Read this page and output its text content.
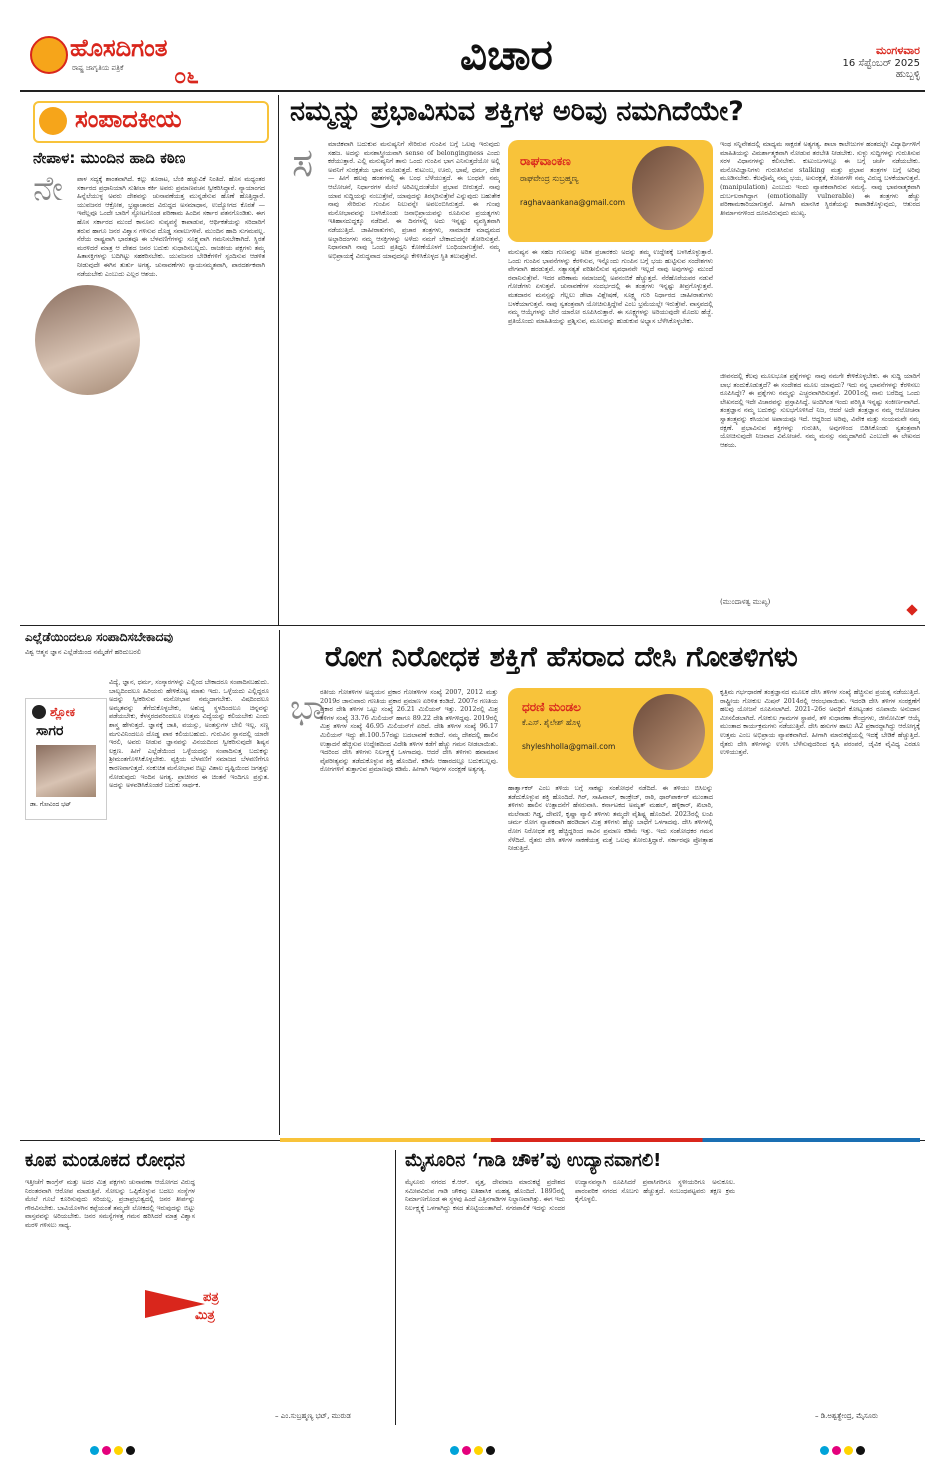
ಹೊಸದಿಗಂತ
ರಾಷ್ಟ್ರ ಜಾಗೃತಿಯ ಪತ್ರಿಕೆ ೦೬	ವಿಚಾರ	ಮಂಗಳವಾರ
16 ಸೆಪ್ಟೆಂಬರ್ 2025
ಹುಬ್ಬಳ್ಳಿ
ಸಂಪಾದಕೀಯ
ನೇಪಾಳ: ಮುಂದಿನ ಹಾದಿ ಕಠಿಣ
ನೇ ಪಾಳ ಸದ್ಯಕ್ಕೆ ಶಾಂತವಾಗಿದೆ. ಕಲ್ಲು ತೂರಾಟ, ಬೆಂಕಿ ಹಚ್ಚುವಿಕೆ ನಿಂತಿದೆ. ಹೊಸ ಮಧ್ಯಂತರ ಸರ್ಕಾರದ ಪ್ರಧಾನಿಯಾಗಿ ಸುಶೀಲಾ ಕರ್ಕಿ ಅವರು ಪ್ರಮಾಣವಚನ ಸ್ವೀಕರಿಸಿದ್ದಾರೆ. ನ್ಯಾಯಾಂಗದ ಹಿನ್ನೆಲೆಯುಳ್ಳ ಅವರು ದೇಶವನ್ನು ಚುನಾವಣೆಯತ್ತ ಮುನ್ನಡೆಸುವ ಹೊಣೆ ಹೊತ್ತಿದ್ದಾರೆ. ಯುವಜನರ ಆಕ್ರೋಶ, ಭ್ರಷ್ಟಾಚಾರದ ವಿರುದ್ಧದ ಅಸಮಾಧಾನ, ಉದ್ಯೋಗದ ಕೊರತೆ — ಇವೆಲ್ಲವೂ ಒಂದೇ ಬಾರಿಗೆ ಸ್ಫೋಟಗೊಂಡ ಪರಿಣಾಮ ಹಿಂದಿನ ಸರ್ಕಾರ ಪತನಗೊಂಡಿತು. ಈಗ ಹೊಸ ಸರ್ಕಾರದ ಮುಂದೆ ಕಾನೂನು ಸುವ್ಯವಸ್ಥೆ ಕಾಪಾಡುವ, ಆರ್ಥಿಕತೆಯನ್ನು ಸರಿದಾರಿಗೆ ತರುವ ಹಾಗೂ ಜನರ ವಿಶ್ವಾಸ ಗಳಿಸುವ ದೊಡ್ಡ ಸವಾಲುಗಳಿವೆ. ಮುಂದಿನ ಹಾದಿ ಸುಗಮವಲ್ಲ. ನೆರೆಯ ರಾಷ್ಟ್ರವಾಗಿ ಭಾರತವೂ ಈ ಬೆಳವಣಿಗೆಗಳನ್ನು ಸೂಕ್ಷ್ಮವಾಗಿ ಗಮನಿಸಬೇಕಾಗಿದೆ. ಸ್ಥಿರತೆ ಮರಳಿದರೆ ಮಾತ್ರ ಆ ದೇಶದ ಜನರ ಬದುಕು ಸುಧಾರಿಸಬಲ್ಲದು. ರಾಜಕೀಯ ಪಕ್ಷಗಳು ತಮ್ಮ ಹಿತಾಸಕ್ತಿಗಳನ್ನು ಬದಿಗಿಟ್ಟು ಸಹಕರಿಸಬೇಕು. ಯುವಜನರ ಬೇಡಿಕೆಗಳಿಗೆ ಸ್ಪಂದಿಸುವ ಆಡಳಿತ ನೀಡುವುದೇ ಈಗಿನ ತುರ್ತು ಅಗತ್ಯ. ಚುನಾವಣೆಗಳು ನ್ಯಾಯಸಮ್ಮತವಾಗಿ, ಪಾರದರ್ಶಕವಾಗಿ ನಡೆಯಬೇಕು ಎಂಬುದು ಎಲ್ಲರ ಆಶಯ.
ನಮ್ಮನ್ನು ಪ್ರಭಾವಿಸುವ ಶಕ್ತಿಗಳ ಅರಿವು ನಮಗಿದೆಯೇ?
ಸ	ಮಾಜಿಕವಾಗಿ ಬದುಕುವ ಮನುಷ್ಯನಿಗೆ ಸೇರಿರುವ ಗುಂಪಿನ ಬಗ್ಗೆ ಒಲವು ಇರುವುದು ಸಹಜ. ಅದನ್ನು ಮನಶಾಸ್ತ್ರೀಯವಾಗಿ sense of belongingness ಎಂದು ಕರೆಯುತ್ತಾರೆ. ಎಲ್ಲಿ ಮನುಷ್ಯನಿಗೆ ತಾನು ಒಂದು ಗುಂಪಿನ ಭಾಗ ಎನಿಸುತ್ತದೆಯೋ ಅಲ್ಲಿ ಅವನಿಗೆ ಸುರಕ್ಷತೆಯ ಭಾವ ಮೂಡುತ್ತದೆ. ಕುಟುಂಬ, ಊರು, ಭಾಷೆ, ಧರ್ಮ, ದೇಶ — ಹೀಗೆ ಹಲವು ಹಂತಗಳಲ್ಲಿ ಈ ಬಂಧ ಬೆಳೆಯುತ್ತದೆ. ಈ ಬಂಧವೇ ನಮ್ಮ ಆಲೋಚನೆ, ನಿರ್ಧಾರಗಳ ಮೇಲೆ ಅರಿವಿಲ್ಲದಂತೆಯೇ ಪ್ರಭಾವ ಬೀರುತ್ತದೆ. ನಾವು ಯಾವ ಸುದ್ದಿಯನ್ನು ನಂಬುತ್ತೇವೆ, ಯಾವುದನ್ನು ತಿರಸ್ಕರಿಸುತ್ತೇವೆ ಎನ್ನುವುದು ಬಹುತೇಕ ನಾವು ಸೇರಿರುವ ಗುಂಪಿನ ನಿಲುವನ್ನೇ ಅವಲಂಬಿಸಿರುತ್ತದೆ. ಈ ಗುಂಪು ಮನೋಭಾವವನ್ನು ಬಳಸಿಕೊಂಡು ಜನಾಭಿಪ್ರಾಯವನ್ನು ರೂಪಿಸುವ ಪ್ರಯತ್ನಗಳು ಇತಿಹಾಸದುದ್ದಕ್ಕೂ ನಡೆದಿವೆ. ಈ ದಿನಗಳಲ್ಲಿ ಅದು ಇನ್ನಷ್ಟು ವ್ಯವಸ್ಥಿತವಾಗಿ ನಡೆಯುತ್ತಿದೆ. ಜಾಹೀರಾತುಗಳು, ಪ್ರಚಾರ ತಂತ್ರಗಳು, ಸಾಮಾಜಿಕ ಮಾಧ್ಯಮದ ಅಲ್ಗಾರಿದಂಗಳು ನಮ್ಮ ಆಸಕ್ತಿಗಳನ್ನು ಅಳೆದು ನಮಗೆ ಬೇಕಾದುದನ್ನೇ ತೋರಿಸುತ್ತವೆ. ನಿಧಾನವಾಗಿ ನಾವು ಒಂದು ಪ್ರತಿಧ್ವನಿ ಕೋಣೆಯೊಳಗೆ ಬಂಧಿಯಾಗುತ್ತೇವೆ. ನಮ್ಮ ಅಭಿಪ್ರಾಯಕ್ಕೆ ವಿರುದ್ಧವಾದ ಯಾವುದನ್ನೂ ಕೇಳಿಸಿಕೊಳ್ಳದ ಸ್ಥಿತಿ ತಲುಪುತ್ತೇವೆ.
ರಾಘವಾಂಕಣ
ರಾಘವೇಂದ್ರ ಸುಬ್ರಹ್ಮಣ್ಯ
raghavaankana@gmail.com
ಮನುಷ್ಯನ ಈ ಸಹಜ ಗುಣವನ್ನು ಅರಿತ ಪ್ರಚಾರಕರು ಅದನ್ನು ತಮ್ಮ ಉದ್ದೇಶಕ್ಕೆ ಬಳಸಿಕೊಳ್ಳುತ್ತಾರೆ. ಒಂದು ಗುಂಪಿನ ಭಾವನೆಗಳನ್ನು ಕೆರಳಿಸುವ, ಇನ್ನೊಂದು ಗುಂಪಿನ ಬಗ್ಗೆ ಭಯ ಹುಟ್ಟಿಸುವ ಸಂದೇಶಗಳು ವೇಗವಾಗಿ ಹರಡುತ್ತವೆ. ಸತ್ಯಾಸತ್ಯತೆ ಪರಿಶೀಲಿಸುವ ವ್ಯವಧಾನವೇ ಇಲ್ಲದೆ ನಾವು ಅವುಗಳನ್ನು ಮುಂದೆ ರವಾನಿಸುತ್ತೇವೆ. ಇದರ ಪರಿಣಾಮ ಸಮಾಜದಲ್ಲಿ ಅಪನಂಬಿಕೆ ಹೆಚ್ಚುತ್ತದೆ. ನೆರೆಹೊರೆಯವರ ನಡುವೆ ಗೋಡೆಗಳು ಏಳುತ್ತವೆ. ಚುನಾವಣೆಗಳ ಸಂದರ್ಭದಲ್ಲಿ ಈ ತಂತ್ರಗಳು ಇನ್ನಷ್ಟು ತೀವ್ರಗೊಳ್ಳುತ್ತವೆ. ಮತದಾರನ ಮನಸ್ಸನ್ನು ಗೆಲ್ಲಲು ಡೇಟಾ ವಿಶ್ಲೇಷಣೆ, ಸೂಕ್ಷ್ಮ ಗುರಿ ನಿರ್ಧಾರದ ಜಾಹೀರಾತುಗಳು ಬಳಕೆಯಾಗುತ್ತವೆ. ನಾವು ಸ್ವತಂತ್ರವಾಗಿ ಯೋಚಿಸುತ್ತಿದ್ದೇವೆ ಎಂಬ ಭ್ರಮೆಯಲ್ಲೇ ಇರುತ್ತೇವೆ. ವಾಸ್ತವದಲ್ಲಿ ನಮ್ಮ ಆಯ್ಕೆಗಳನ್ನು ಬೇರೆ ಯಾರೋ ರೂಪಿಸಿರುತ್ತಾರೆ. ಈ ಸೂಕ್ಷ್ಮಗಳನ್ನು ಅರಿಯುವುದೇ ಮೊದಲ ಹೆಜ್ಜೆ. ಪ್ರತಿಯೊಂದು ಮಾಹಿತಿಯನ್ನು ಪ್ರಶ್ನಿಸುವ, ಮೂಲವನ್ನು ಹುಡುಕುವ ಅಭ್ಯಾಸ ಬೆಳೆಸಿಕೊಳ್ಳಬೇಕು.
ಇಂಥ ಸನ್ನಿವೇಶದಲ್ಲಿ ಮಾಧ್ಯಮ ಸಾಕ್ಷರತೆ ಅತ್ಯಗತ್ಯ. ಶಾಲಾ ಕಾಲೇಜುಗಳ ಹಂತದಲ್ಲೇ ವಿದ್ಯಾರ್ಥಿಗಳಿಗೆ ಮಾಹಿತಿಯನ್ನು ವಿಮರ್ಶಾತ್ಮಕವಾಗಿ ನೋಡುವ ತರಬೇತಿ ನೀಡಬೇಕು. ಸುಳ್ಳು ಸುದ್ದಿಗಳನ್ನು ಗುರುತಿಸುವ ಸರಳ ವಿಧಾನಗಳನ್ನು ಕಲಿಸಬೇಕು. ಕುಟುಂಬಗಳಲ್ಲೂ ಈ ಬಗ್ಗೆ ಚರ್ಚೆ ನಡೆಯಬೇಕು. ಮನೋವಿಜ್ಞಾನಿಗಳು ಗುರುತಿಸಿರುವ stalking ಮತ್ತು ಪ್ರಭಾವ ತಂತ್ರಗಳ ಬಗ್ಗೆ ಅರಿವು ಮೂಡಿಸಬೇಕು. ಕೆಲವೊಮ್ಮೆ ನಮ್ಮ ಭಯ, ಅಸುರಕ್ಷತೆ, ಕೋಪಗಳೇ ನಮ್ಮ ವಿರುದ್ಧ ಬಳಕೆಯಾಗುತ್ತವೆ. (manipulation) ಎಂಬುದು ಇಂದು ವ್ಯಾಪಕವಾಗಿರುವ ಸಮಸ್ಯೆ. ನಾವು ಭಾವನಾತ್ಮಕವಾಗಿ ದುರ್ಬಲರಾಗಿದ್ದಾಗ (emotionally vulnerable) ಈ ತಂತ್ರಗಳು ಹೆಚ್ಚು ಪರಿಣಾಮಕಾರಿಯಾಗುತ್ತವೆ. ಹೀಗಾಗಿ ಮಾನಸಿಕ ಸ್ಥಿರತೆಯನ್ನು ಕಾಪಾಡಿಕೊಳ್ಳುವುದು, ಆತುರದ ತೀರ್ಮಾನಗಳಿಂದ ದೂರವಿರುವುದು ಮುಖ್ಯ.
ಜೀವನದಲ್ಲಿ ಕೆಲವು ಮೂಲಭೂತ ಪ್ರಶ್ನೆಗಳನ್ನು ನಾವು ನಮಗೇ ಕೇಳಿಕೊಳ್ಳಬೇಕು. ಈ ಸುದ್ದಿ ಯಾರಿಗೆ ಲಾಭ ತಂದುಕೊಡುತ್ತದೆ? ಈ ಸಂದೇಶದ ಮೂಲ ಯಾವುದು? ಇದು ನನ್ನ ಭಾವನೆಗಳನ್ನು ಕೆರಳಿಸಲು ರೂಪಿಸಿದ್ದೇ? ಈ ಪ್ರಶ್ನೆಗಳು ನಮ್ಮನ್ನು ಎಚ್ಚರವಾಗಿರಿಸುತ್ತವೆ. 2001ರಲ್ಲಿ ನಾನು ಬರೆದಿದ್ದ ಒಂದು ಲೇಖನದಲ್ಲಿ ಇದೇ ವಿಚಾರವನ್ನು ಪ್ರಸ್ತಾಪಿಸಿದ್ದೆ. ಅಂದಿಗಿಂತ ಇಂದು ಪರಿಸ್ಥಿತಿ ಇನ್ನಷ್ಟು ಸಂಕೀರ್ಣವಾಗಿದೆ. ತಂತ್ರಜ್ಞಾನ ನಮ್ಮ ಬದುಕನ್ನು ಸುಲಭಗೊಳಿಸಿದೆ ನಿಜ, ಆದರೆ ಅದೇ ತಂತ್ರಜ್ಞಾನ ನಮ್ಮ ಆಲೋಚನಾ ಸ್ವಾತಂತ್ರ್ಯವನ್ನು ಕಸಿಯುವ ಅಪಾಯವೂ ಇದೆ. ಆದ್ದರಿಂದ ಅರಿವು, ವಿವೇಕ ಮತ್ತು ಸಂಯಮವೇ ನಮ್ಮ ರಕ್ಷಣೆ. ಪ್ರಭಾವಿಸುವ ಶಕ್ತಿಗಳನ್ನು ಗುರುತಿಸಿ, ಅವುಗಳಿಂದ ಬಿಡಿಸಿಕೊಂಡು ಸ್ವತಂತ್ರವಾಗಿ ಯೋಚಿಸುವುದೇ ನಿಜವಾದ ವಿಮೋಚನೆ. ನಮ್ಮ ಮನಸ್ಸು ನಮ್ಮದಾಗಿರಲಿ ಎಂಬುದೇ ಈ ಲೇಖನದ ಆಶಯ.
(ಮುಂದಾಳತ್ವ ಮುಖ್ಯ)
ಎಲ್ಲೆಡೆಯಿಂದಲೂ ಸಂಪಾದಿಸಬೇಕಾದವು
ವಿಶ್ವ ಆತ್ಮನ ಜ್ಞಾನ ಎಲ್ಲೆಡೆಯಿಂದ ನಮ್ಮೆಡೆಗೆ ಹರಿದುಬರಲಿ
ಶ್ಲೋಕ
ಸಾಗರ
ಡಾ. ಗೋವಿಂದ ಭಟ್
ವಿದ್ಯೆ, ಜ್ಞಾನ, ಧರ್ಮ, ಸಂಸ್ಕಾರಗಳನ್ನು ಎಲ್ಲಿಂದ ಬೇಕಾದರೂ ಸಂಪಾದಿಸಬಹುದು. ಬಾಲ್ಯದಿಂದಲೂ ಹಿರಿಯರು ಹೇಳಿಕೊಟ್ಟ ಮಾತು ಇದು. ಒಳ್ಳೆಯದು ಎಲ್ಲಿದ್ದರೂ ಅದನ್ನು ಸ್ವೀಕರಿಸುವ ಮನೋಭಾವ ನಮ್ಮದಾಗಬೇಕು. ವಿಷದಿಂದಲೂ ಅಮೃತವನ್ನು ತೆಗೆದುಕೊಳ್ಳಬೇಕು, ಅಶುದ್ಧ ಸ್ಥಳದಿಂದಲೂ ಚಿನ್ನವನ್ನು ಪಡೆಯಬೇಕು, ಕೆಳಸ್ತರದವರಿಂದಲೂ ಉತ್ತಮ ವಿದ್ಯೆಯನ್ನು ಕಲಿಯಬೇಕು ಎಂದು ಶಾಸ್ತ್ರ ಹೇಳುತ್ತದೆ. ಜ್ಞಾನಕ್ಕೆ ಜಾತಿ, ವಯಸ್ಸು, ಅಂತಸ್ತುಗಳ ಬೇಲಿ ಇಲ್ಲ. ಸಣ್ಣ ಮಗುವಿನಿಂದಲೂ ದೊಡ್ಡ ಪಾಠ ಕಲಿಯಬಹುದು. ಗುರುವಿನ ಸ್ಥಾನದಲ್ಲಿ ಯಾರೇ ಇರಲಿ, ಅವರು ನೀಡುವ ಜ್ಞಾನವನ್ನು ವಿನಯದಿಂದ ಸ್ವೀಕರಿಸುವುದೇ ಶಿಷ್ಯನ ಲಕ್ಷಣ. ಹೀಗೆ ಎಲ್ಲೆಡೆಯಿಂದ ಒಳ್ಳೆಯದನ್ನು ಸಂಪಾದಿಸುತ್ತ ಬದುಕನ್ನು ಶ್ರೀಮಂತಗೊಳಿಸಿಕೊಳ್ಳಬೇಕು. ವ್ಯಕ್ತಿಯ ಬೆಳವಣಿಗೆ ಸಮಾಜದ ಬೆಳವಣಿಗೆಗೂ ಕಾರಣವಾಗುತ್ತದೆ. ಸಂಕುಚಿತ ಮನೋಭಾವ ಬಿಟ್ಟು ವಿಶಾಲ ದೃಷ್ಟಿಯಿಂದ ಜಗತ್ತನ್ನು ನೋಡುವುದು ಇಂದಿನ ಅಗತ್ಯ. ಪ್ರಾಚೀನರ ಈ ಚಿಂತನೆ ಇಂದಿಗೂ ಪ್ರಸ್ತುತ. ಅದನ್ನು ಅಳವಡಿಸಿಕೊಂಡರೆ ಬದುಕು ಸಾರ್ಥಕ.
ರೋಗ ನಿರೋಧಕ ಶಕ್ತಿಗೆ ಹೆಸರಾದ ದೇಸಿ ಗೋತಳಿಗಳು
ಭಾ
ರತೀಯ ಗೋತಳಿಗಳ ಅಧ್ಯಯನ ಪ್ರಕಾರ ಗೋತಳಿಗಳ ಸಂಖ್ಯೆ 2007, 2012 ಮತ್ತು 2019ರ ಜಾನುವಾರು ಗಣತಿಯ ಪ್ರಕಾರ ಪ್ರಮಾಣ ಏರಿಳಿತ ಕಂಡಿದೆ. 2007ರ ಗಣತಿಯ ಪ್ರಕಾರ ದೇಶಿ ತಳಿಗಳ ಒಟ್ಟು ಸಂಖ್ಯೆ 26.21 ಮಿಲಿಯನ್ ಇತ್ತು. 2012ರಲ್ಲಿ ಮಿಶ್ರ ತಳಿಗಳ ಸಂಖ್ಯೆ 33.76 ಮಿಲಿಯನ್ ಹಾಗೂ 89.22 ದೇಶಿ ತಳಿಗಳಿದ್ದವು. 2019ರಲ್ಲಿ ಮಿಶ್ರ ತಳಿಗಳ ಸಂಖ್ಯೆ 46.95 ಮಿಲಿಯನ್‌ಗೆ ಏರಿದೆ. ದೇಶಿ ತಳಿಗಳ ಸಂಖ್ಯೆ 96.17 ಮಿಲಿಯನ್ ಇದ್ದು ಶೇ.100.57ರಷ್ಟು ಬದಲಾವಣೆ ಕಂಡಿದೆ. ನಮ್ಮ ದೇಶದಲ್ಲಿ ಹಾಲಿನ ಉತ್ಪಾದನೆ ಹೆಚ್ಚಿಸುವ ಉದ್ದೇಶದಿಂದ ವಿದೇಶಿ ತಳಿಗಳ ಕಡೆಗೆ ಹೆಚ್ಚು ಗಮನ ನೀಡಲಾಯಿತು. ಇದರಿಂದ ದೇಸಿ ತಳಿಗಳು ನಿರ್ಲಕ್ಷ್ಯಕ್ಕೆ ಒಳಗಾದವು. ಆದರೆ ದೇಸಿ ತಳಿಗಳು ಹವಾಮಾನ ವೈಪರೀತ್ಯವನ್ನು ತಡೆದುಕೊಳ್ಳುವ ಶಕ್ತಿ ಹೊಂದಿವೆ. ಕಡಿಮೆ ಆಹಾರದಲ್ಲೂ ಬದುಕಬಲ್ಲವು. ರೋಗಗಳಿಗೆ ತುತ್ತಾಗುವ ಪ್ರಮಾಣವೂ ಕಡಿಮೆ. ಹೀಗಾಗಿ ಇವುಗಳ ಸಂರಕ್ಷಣೆ ಅತ್ಯಗತ್ಯ.
ಧರಣಿ ಮಂಡಲ
ಕೆ.ಎಸ್. ಶೈಲೇಶ್ ಹೊಳ್ಳ
shyleshholla@gmail.com
ಹಾರ್ತ್ವಾಕರ್ ಎಂಬ ತಳಿಯ ಬಗ್ಗೆ ಸಾಕಷ್ಟು ಸಂಶೋಧನೆ ನಡೆದಿದೆ. ಈ ತಳಿಯು ಬಿಸಿಲನ್ನು ತಡೆದುಕೊಳ್ಳುವ ಶಕ್ತಿ ಹೊಂದಿದೆ. ಗಿರ್, ಸಾಹಿವಾಲ್, ಕಾಂಕ್ರೇಜ್, ರಾಠಿ, ಥಾರ್‌ಪಾರ್ಕರ್ ಮುಂತಾದ ತಳಿಗಳು ಹಾಲಿನ ಉತ್ಪಾದನೆಗೆ ಹೆಸರುವಾಸಿ. ಕರ್ನಾಟಕದ ಅಮೃತ್ ಮಹಲ್, ಹಳ್ಳಿಕಾರ್, ಖಿಲಾರಿ, ಮಲೆನಾಡು ಗಿಡ್ಡ, ದೇವಣಿ, ಕೃಷ್ಣಾ ವ್ಯಾಲಿ ತಳಿಗಳು ತಮ್ಮದೇ ವೈಶಿಷ್ಟ್ಯ ಹೊಂದಿವೆ. 2023ರಲ್ಲಿ ಲಂಪಿ ಚರ್ಮ ರೋಗ ವ್ಯಾಪಕವಾಗಿ ಹರಡಿದಾಗ ಮಿಶ್ರ ತಳಿಗಳು ಹೆಚ್ಚು ಬಾಧೆಗೆ ಒಳಗಾದವು. ದೇಸಿ ತಳಿಗಳಲ್ಲಿ ರೋಗ ನಿರೋಧಕ ಶಕ್ತಿ ಹೆಚ್ಚಿದ್ದರಿಂದ ಸಾವಿನ ಪ್ರಮಾಣ ಕಡಿಮೆ ಇತ್ತು. ಇದು ಸಂಶೋಧಕರ ಗಮನ ಸೆಳೆದಿದೆ. ರೈತರು ದೇಸಿ ತಳಿಗಳ ಸಾಕಣೆಯತ್ತ ಮತ್ತೆ ಒಲವು ತೋರುತ್ತಿದ್ದಾರೆ. ಸರ್ಕಾರವೂ ಪ್ರೋತ್ಸಾಹ ನೀಡುತ್ತಿದೆ.
ಕೃತ್ರಿಮ ಗರ್ಭಧಾರಣೆ ತಂತ್ರಜ್ಞಾನದ ಮೂಲಕ ದೇಸಿ ತಳಿಗಳ ಸಂಖ್ಯೆ ಹೆಚ್ಚಿಸುವ ಪ್ರಯತ್ನ ನಡೆಯುತ್ತಿದೆ. ರಾಷ್ಟ್ರೀಯ ಗೋಕುಲ ಮಿಷನ್ 2014ರಲ್ಲಿ ಆರಂಭವಾಯಿತು. ಇದರಡಿ ದೇಸಿ ತಳಿಗಳ ಸಂರಕ್ಷಣೆಗೆ ಹಲವು ಯೋಜನೆ ರೂಪಿಸಲಾಗಿದೆ. 2021–26ರ ಅವಧಿಗೆ ಕೋಟ್ಯಂತರ ರೂಪಾಯಿ ಅನುದಾನ ಮೀಸಲಿಡಲಾಗಿದೆ. ಗೋಕುಲ ಗ್ರಾಮಗಳ ಸ್ಥಾಪನೆ, ತಳಿ ಸುಧಾರಣಾ ಕೇಂದ್ರಗಳು, ಜೀನೋಮಿಕ್ ಆಯ್ಕೆ ಮುಂತಾದ ಕಾರ್ಯಕ್ರಮಗಳು ನಡೆಯುತ್ತಿವೆ. ದೇಸಿ ಹಸುಗಳ ಹಾಲು A2 ಪ್ರಕಾರದ್ದಾಗಿದ್ದು ಆರೋಗ್ಯಕ್ಕೆ ಉತ್ತಮ ಎಂಬ ಅಭಿಪ್ರಾಯ ವ್ಯಾಪಕವಾಗಿದೆ. ಹೀಗಾಗಿ ಮಾರುಕಟ್ಟೆಯಲ್ಲಿ ಇದಕ್ಕೆ ಬೇಡಿಕೆ ಹೆಚ್ಚುತ್ತಿದೆ. ರೈತರು ದೇಸಿ ತಳಿಗಳನ್ನು ಉಳಿಸಿ ಬೆಳೆಸುವುದರಿಂದ ಕೃಷಿ ಪರಂಪರೆ, ಜೈವಿಕ ವೈವಿಧ್ಯ ಎರಡೂ ಉಳಿಯುತ್ತವೆ.
ಕೂಪ ಮಂಡೂಕದ ರೋಧನ
ಇತ್ತೀಚೆಗೆ ಕಾಂಗ್ರೆಸ್ ಮತ್ತು ಅದರ ಮಿತ್ರ ಪಕ್ಷಗಳು ಚುನಾವಣಾ ಆಯೋಗದ ವಿರುದ್ಧ ನಿರಂತರವಾಗಿ ಆರೋಪ ಮಾಡುತ್ತಿವೆ. ಸೋಲನ್ನು ಒಪ್ಪಿಕೊಳ್ಳುವ ಬದಲು ಸಂಸ್ಥೆಗಳ ಮೇಲೆ ಗೂಬೆ ಕೂರಿಸುವುದು ಸರಿಯಲ್ಲ. ಪ್ರಜಾಪ್ರಭುತ್ವದಲ್ಲಿ ಜನರ ತೀರ್ಪನ್ನು ಗೌರವಿಸಬೇಕು. ಬಾವಿಯೊಳಗಿನ ಕಪ್ಪೆಯಂತೆ ತಮ್ಮದೇ ಲೋಕದಲ್ಲಿ ಇರುವುದನ್ನು ಬಿಟ್ಟು ವಾಸ್ತವವನ್ನು ಅರಿಯಬೇಕು. ಜನರ ಸಮಸ್ಯೆಗಳತ್ತ ಗಮನ ಹರಿಸಿದರೆ ಮಾತ್ರ ವಿಶ್ವಾಸ ಮರಳಿ ಗಳಿಸಲು ಸಾಧ್ಯ.
ಪತ್ರ
ಮಿತ್ರ
– ಎಂ.ಸುಬ್ರಹ್ಮಣ್ಯ ಭಟ್, ಮುರುಡ
ಮೈಸೂರಿನ ‘ಗಾಡಿ ಚೌಕ’ವು ಉದ್ಯಾನವಾಗಲಿ!
ಮೈಸೂರು ನಗರದ ಕೆ.ಆರ್. ವೃತ್ತ, ದೇವರಾಜ ಮಾರುಕಟ್ಟೆ ಪ್ರದೇಶದ ಸಮೀಪವಿರುವ ಗಾಡಿ ಚೌಕವು ಐತಿಹಾಸಿಕ ಮಹತ್ವ ಹೊಂದಿದೆ. 1895ರಲ್ಲಿ ನಿರ್ಮಾಣಗೊಂಡ ಈ ಸ್ಥಳವು ಹಿಂದೆ ಎತ್ತಿನಗಾಡಿಗಳ ನಿಲ್ದಾಣವಾಗಿತ್ತು. ಈಗ ಇದು ನಿರ್ಲಕ್ಷ್ಯಕ್ಕೆ ಒಳಗಾಗಿದ್ದು ಕಸದ ತೊಟ್ಟಿಯಂತಾಗಿದೆ. ನಗರಪಾಲಿಕೆ ಇದನ್ನು ಸುಂದರ ಉದ್ಯಾನವನ್ನಾಗಿ ರೂಪಿಸಿದರೆ ಪ್ರವಾಸಿಗರಿಗೂ ಸ್ಥಳೀಯರಿಗೂ ಅನುಕೂಲ. ಪಾರಂಪರಿಕ ನಗರದ ಸೊಬಗು ಹೆಚ್ಚುತ್ತದೆ. ಸಂಬಂಧಪಟ್ಟವರು ತಕ್ಷಣ ಕ್ರಮ ಕೈಗೊಳ್ಳಲಿ.
– ಡಿ.ಅಶ್ವತ್ಥೇಂದ್ರ, ಮೈಸೂರು
